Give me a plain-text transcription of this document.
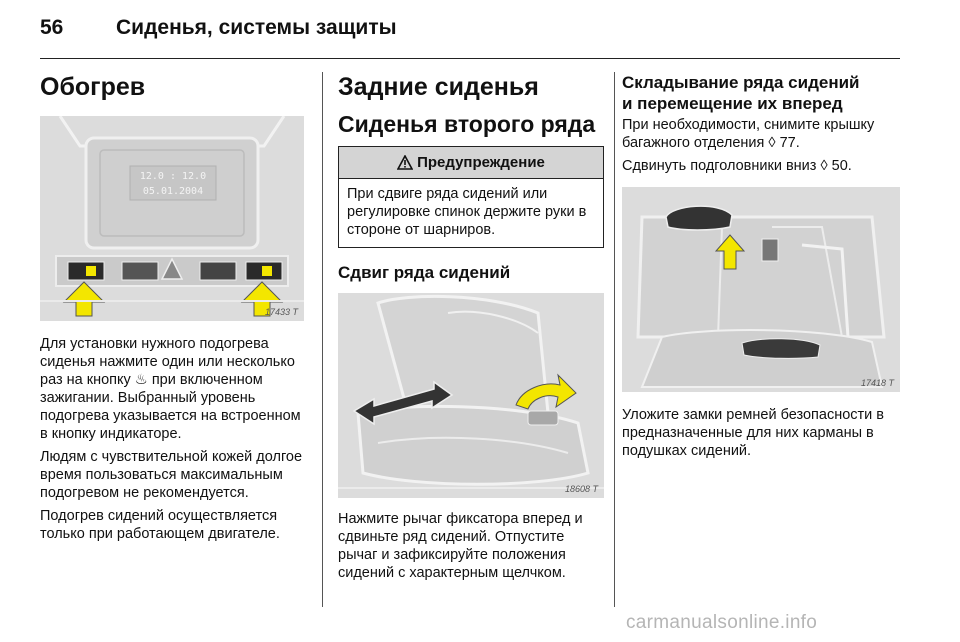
56	Сиденья, системы защиты
Обогрев
12.0 : 12.0
05.01.2004
17433 T
Для установки нужного подогрева сиденья нажмите один или несколько раз на кнопку ♨ при включенном зажигании. Выбранный уровень подогрева указывается на встроенном в кнопку индикаторе.
Людям с чувствительной кожей долгое время пользоваться максимальным подогревом не рекомендуется.
Подогрев сидений осуществляется только при работающем двигателе.
Задние сиденья
Сиденья второго ряда
Предупреждение
При сдвиге ряда сидений или регулировке спинок держите руки в стороне от шарниров.
Сдвиг ряда сидений
18608 T
Нажмите рычаг фиксатора вперед и сдвиньте ряд сидений. Отпустите рычаг и зафиксируйте положения сидений с характерным щелчком.
Складывание ряда сидений
и перемещение их вперед
При необходимости, снимите крышку багажного отделения ◊ 77.
Сдвинуть подголовники вниз ◊ 50.
17418 T
Уложите замки ремней безопасности в предназначенные для них карманы в подушках сидений.
carmanualsonline.info
